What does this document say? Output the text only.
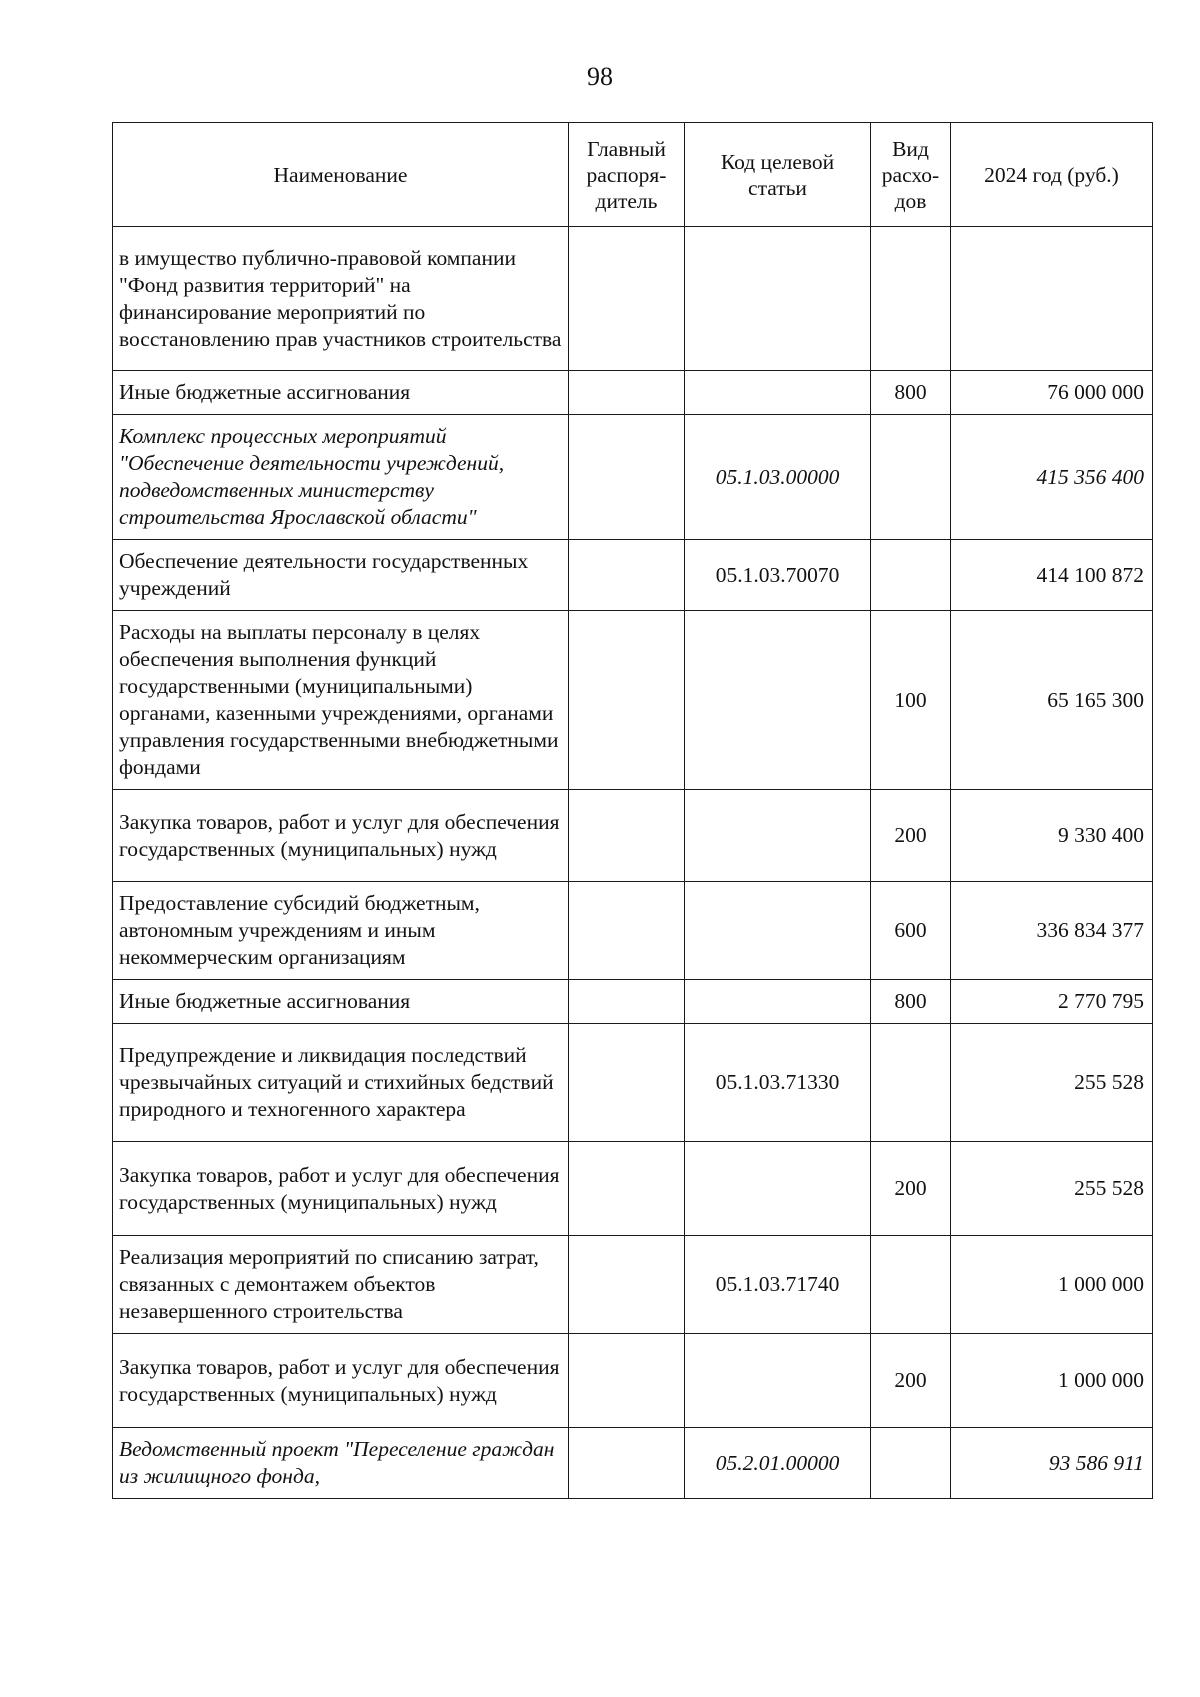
98
Наименование	Главный распоря-дитель	Код целевой статьи	Вид расхо-дов	2024 год (руб.)
в имущество публично-правовой компании "Фонд развития территорий" на финансирование мероприятий по восстановлению прав участников строительства				
Иные бюджетные ассигнования			800	76 000 000
Комплекс процессных мероприятий "Обеспечение деятельности учреждений, подведомственных министерству строительства Ярославской области"		05.1.03.00000		415 356 400
Обеспечение деятельности государственных учреждений		05.1.03.70070		414 100 872
Расходы на выплаты персоналу в целях обеспечения выполнения функций государственными (муниципальными) органами, казенными учреждениями, органами управления государственными внебюджетными фондами			100	65 165 300
Закупка товаров, работ и услуг для обеспечения государственных (муниципальных) нужд			200	9 330 400
Предоставление субсидий бюджетным, автономным учреждениям и иным некоммерческим организациям			600	336 834 377
Иные бюджетные ассигнования			800	2 770 795
Предупреждение и ликвидация последствий чрезвычайных ситуаций и стихийных бедствий природного и техногенного характера		05.1.03.71330		255 528
Закупка товаров, работ и услуг для обеспечения государственных (муниципальных) нужд			200	255 528
Реализация мероприятий по списанию затрат, связанных с демонтажем объектов незавершенного строительства		05.1.03.71740		1 000 000
Закупка товаров, работ и услуг для обеспечения государственных (муниципальных) нужд			200	1 000 000
Ведомственный проект "Переселение граждан из жилищного фонда,		05.2.01.00000		93 586 911
